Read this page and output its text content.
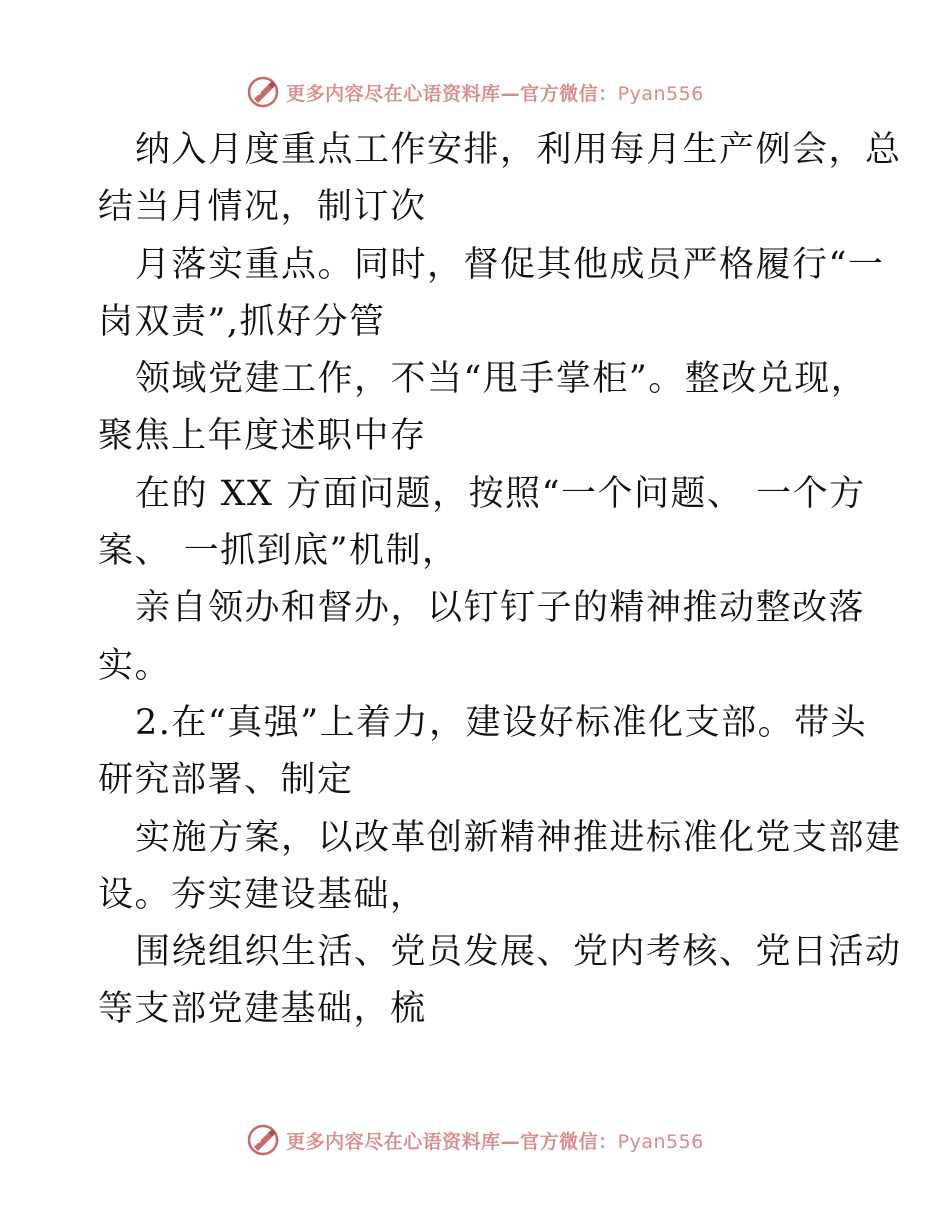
更多内容尽在心语资料库—官方微信：Pyan556
纳入月度重点工作安排，利用每月生产例会，总
结当月情况，制订次
月落实重点。同时，督促其他成员严格履行“一
岗双责”,抓好分管
领域党建工作，不当“甩手掌柜”。整改兑现，
聚焦上年度述职中存
在的 XX 方面问题，按照“一个问题、 一个方
案、 一抓到底”机制，
亲自领办和督办，以钉钉子的精神推动整改落
实。
2.在“真强”上着力，建设好标准化支部。带头
研究部署、制定
实施方案，以改革创新精神推进标准化党支部建
设。夯实建设基础，
围绕组织生活、党员发展、党内考核、党日活动
等支部党建基础，梳
更多内容尽在心语资料库—官方微信：Pyan556
